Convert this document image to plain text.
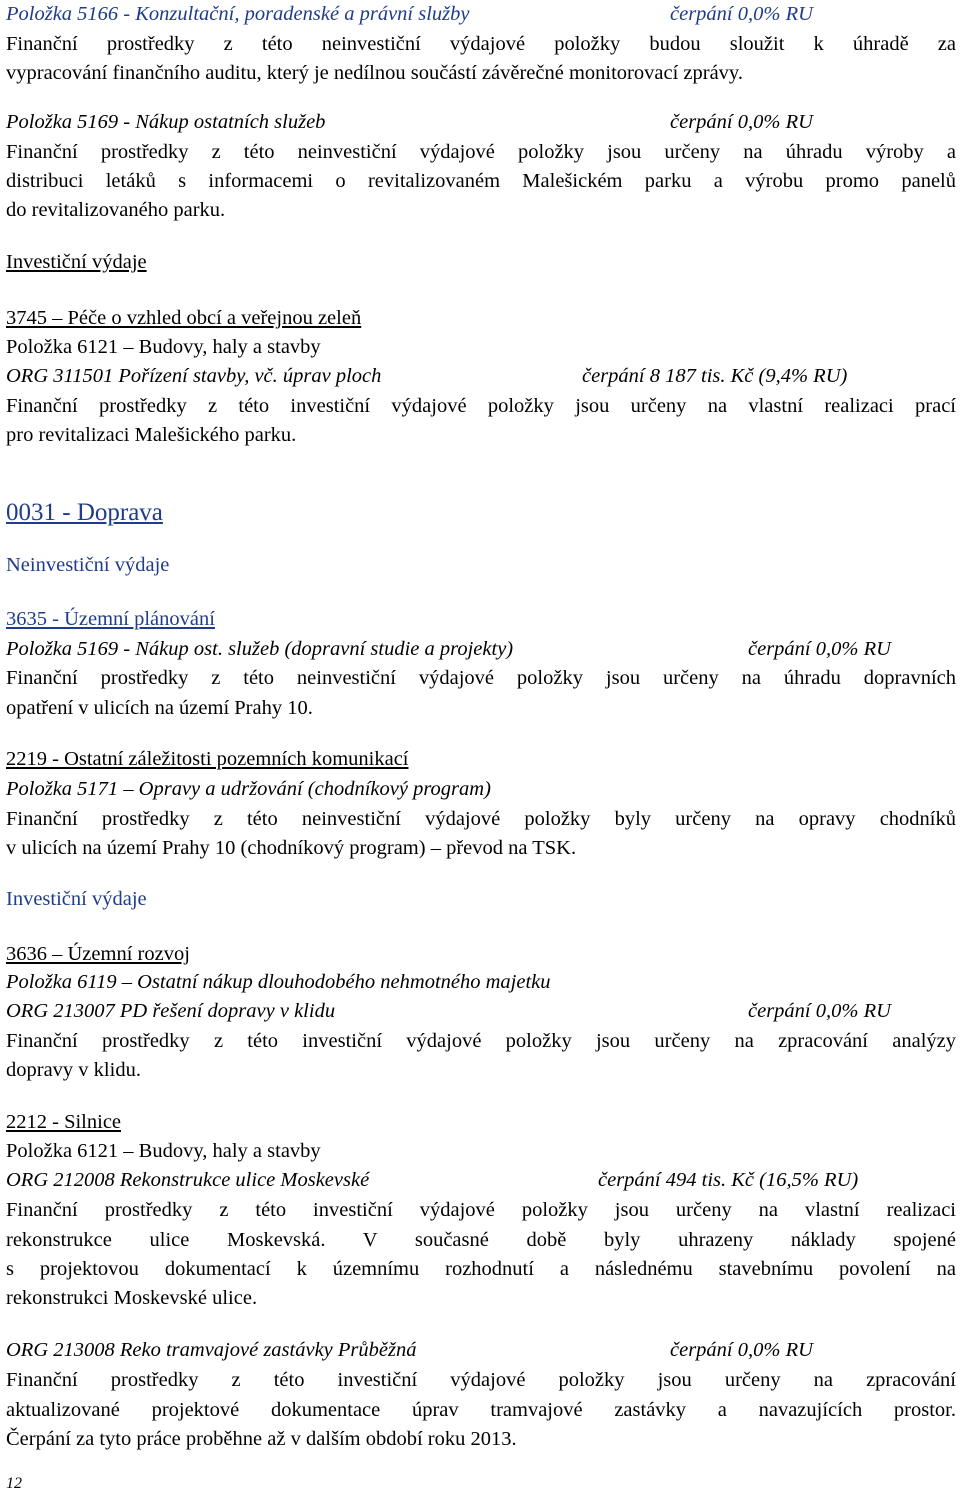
Položka 5166 - Konzultační, poradenské a právní služby	čerpání 0,0% RU
Finanční prostředky z této neinvestiční výdajové položky budou sloužit k úhradě za
vypracování finančního auditu, který je nedílnou součástí závěrečné monitorovací zprávy.
Položka 5169 - Nákup ostatních služeb	čerpání 0,0% RU
Finanční prostředky z této neinvestiční výdajové položky jsou určeny na úhradu výroby a
distribuci letáků s informacemi o revitalizovaném Malešickém parku a výrobu promo panelů
do revitalizovaného parku.
Investiční výdaje
3745 – Péče o vzhled obcí a veřejnou zeleň
Položka 6121 – Budovy, haly a stavby
ORG 311501 Pořízení stavby, vč. úprav ploch	čerpání 8 187 tis. Kč (9,4% RU)
Finanční prostředky z této investiční výdajové položky jsou určeny na vlastní realizaci prací
pro revitalizaci Malešického parku.
0031 - Doprava
Neinvestiční výdaje
3635 - Územní plánování
Položka 5169 - Nákup ost. služeb (dopravní studie a projekty)	čerpání 0,0% RU
Finanční prostředky z této neinvestiční výdajové položky jsou určeny na úhradu dopravních
opatření v ulicích na území Prahy 10.
2219 - Ostatní záležitosti pozemních komunikací
Položka 5171 – Opravy a udržování (chodníkový program)
Finanční prostředky z této neinvestiční výdajové položky byly určeny na opravy chodníků
v ulicích na území Prahy 10 (chodníkový program) – převod na TSK.
Investiční výdaje
3636 – Územní rozvoj
Položka 6119 – Ostatní nákup dlouhodobého nehmotného majetku
ORG 213007 PD řešení dopravy v klidu	čerpání 0,0% RU
Finanční prostředky z této investiční výdajové položky jsou určeny na zpracování analýzy
dopravy v klidu.
2212 - Silnice
Položka 6121 – Budovy, haly a stavby
ORG 212008 Rekonstrukce ulice Moskevské	čerpání 494 tis. Kč (16,5% RU)
Finanční prostředky z této investiční výdajové položky jsou určeny na vlastní realizaci
rekonstrukce ulice Moskevská. V současné době byly uhrazeny náklady spojené
s projektovou dokumentací k územnímu rozhodnutí a následnému stavebnímu povolení na
rekonstrukci Moskevské ulice.
ORG 213008 Reko tramvajové zastávky Průběžná	čerpání 0,0% RU
Finanční prostředky z této investiční výdajové položky jsou určeny na zpracování
aktualizované projektové dokumentace úprav tramvajové zastávky a navazujících prostor.
Čerpání za tyto práce proběhne až v dalším období roku 2013.
12
